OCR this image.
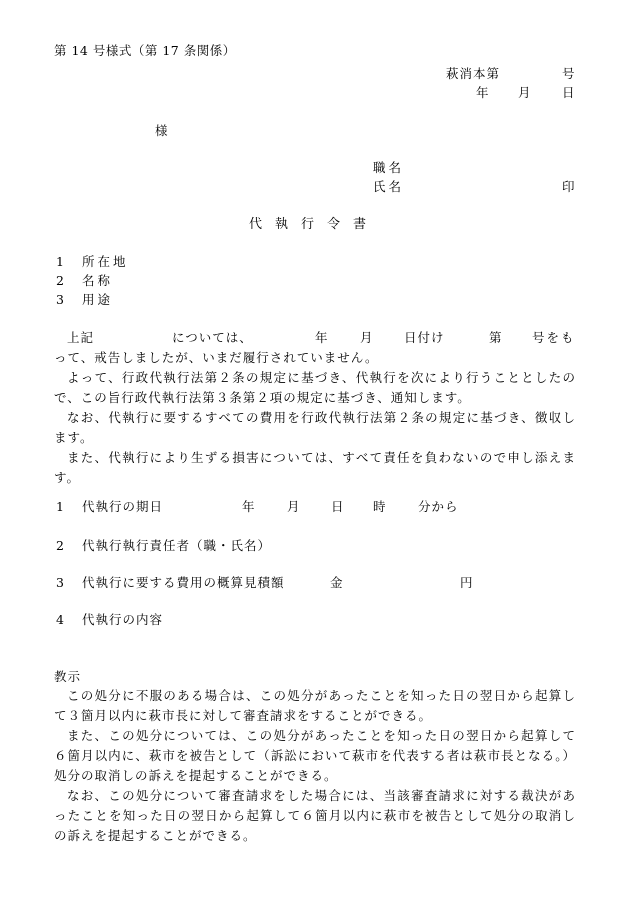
第 14 号様式（第 17 条関係）
萩消本第	号
年 月	日
様
職名
氏名	印
代 執 行 令 書
1 所在地
2 名称
3 用途
上記	については、	年	月	日付け	第 号をも
って、戒告しましたが、いまだ履行されていません。
よって、行政代執行法第２条の規定に基づき、代執行を次により行うこととしたので、この旨行政代執行法第３条第２項の規定に基づき、通知します。
なお、代執行に要するすべての費用を行政代執行法第２条の規定に基づき、徴収します。
また、代執行により生ずる損害については、すべて責任を負わないので申し添えます。
1 代執行の期日	年	月	日 時	分から
2 代執行執行責任者（職・氏名）
3 代執行に要する費用の概算見積額	金	円
4 代執行の内容
教示
この処分に不服のある場合は、この処分があったことを知った日の翌日から起算して３箇月以内に萩市長に対して審査請求をすることができる。
また、この処分については、この処分があったことを知った日の翌日から起算して６箇月以内に、萩市を被告として（訴訟において萩市を代表する者は萩市長となる。）処分の取消しの訴えを提起することができる。
なお、この処分について審査請求をした場合には、当該審査請求に対する裁決があったことを知った日の翌日から起算して６箇月以内に萩市を被告として処分の取消しの訴えを提起することができる。
